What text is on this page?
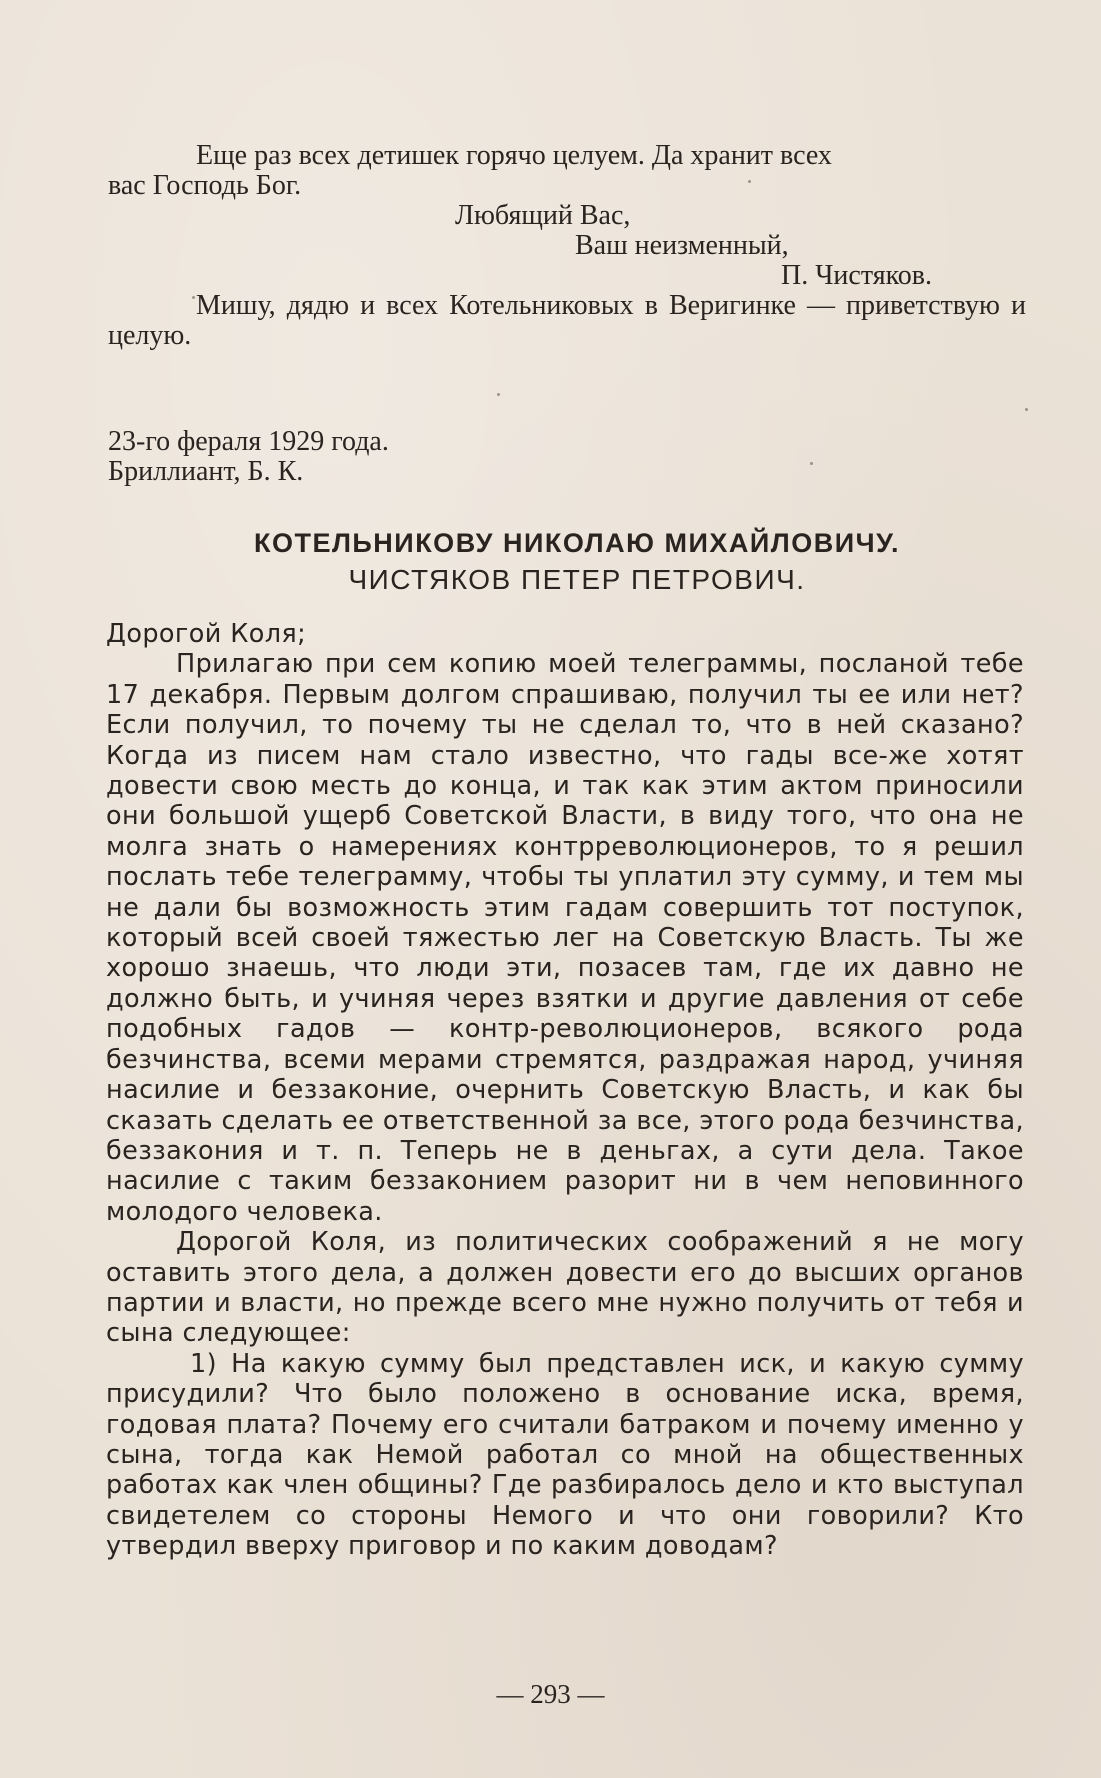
Еще раз всех детишек горячо целуем. Да хранит всех
вас Господь Бог.
Любящий Вас,
Ваш неизменный,
П. Чистяков.
Мишу, дядю и всех Котельниковых в Веригинке — приветствую и целую.
23-го фераля 1929 года.
Бриллиант, Б. К.
КОТЕЛЬНИКОВУ НИКОЛАЮ МИХАЙЛОВИЧУ.
ЧИСТЯКОВ ПЕТЕР ПЕТРОВИЧ.

Дорогой Коля;

Прилагаю при сем копию моей телеграммы, посланой тебе 17 декабря. Первым долгом спрашиваю, получил ты ее или нет? Если получил, то почему ты не сделал то, что в ней сказано? Когда из писем нам стало известно, что гады все-же хотят довести свою месть до конца, и так как этим актом приносили они большой ущерб Советской Власти, в виду того, что она не молга знать о намерениях контрреволюционеров, то я решил послать тебе телеграмму, чтобы ты уплатил эту сумму, и тем мы не дали бы возможность этим гадам совершить тот поступок, который всей своей тяжестью лег на Советскую Власть. Ты же хорошо знаешь, что люди эти, позасев там, где их давно не должно быть, и учиняя через взятки и другие давления от себе подобных гадов — контр-революционеров, всякого рода безчинства, всеми мерами стремятся, раздражая народ, учиняя насилие и беззаконие, очернить Советскую Власть, и как бы сказать сделать ее ответственной за все, этого рода безчинства, беззакония и т. п. Теперь не в деньгах, а сути дела. Такое насилие с таким беззаконием разорит ни в чем неповинного молодого человека.

Дорогой Коля, из политических соображений я не могу оставить этого дела, а должен довести его до высших органов партии и власти, но прежде всего мне нужно получить от тебя и сына следующее:

1) На какую сумму был представлен иск, и какую сумму присудили? Что было положено в основание иска, время, годовая плата? Почему его считали батраком и почему именно у сына, тогда как Немой работал со мной на общественных работах как член общины? Где разбиралось дело и кто выступал свидетелем со стороны Немого и что они говорили? Кто утвердил вверху приговор и по каким доводам?

— 293 —
